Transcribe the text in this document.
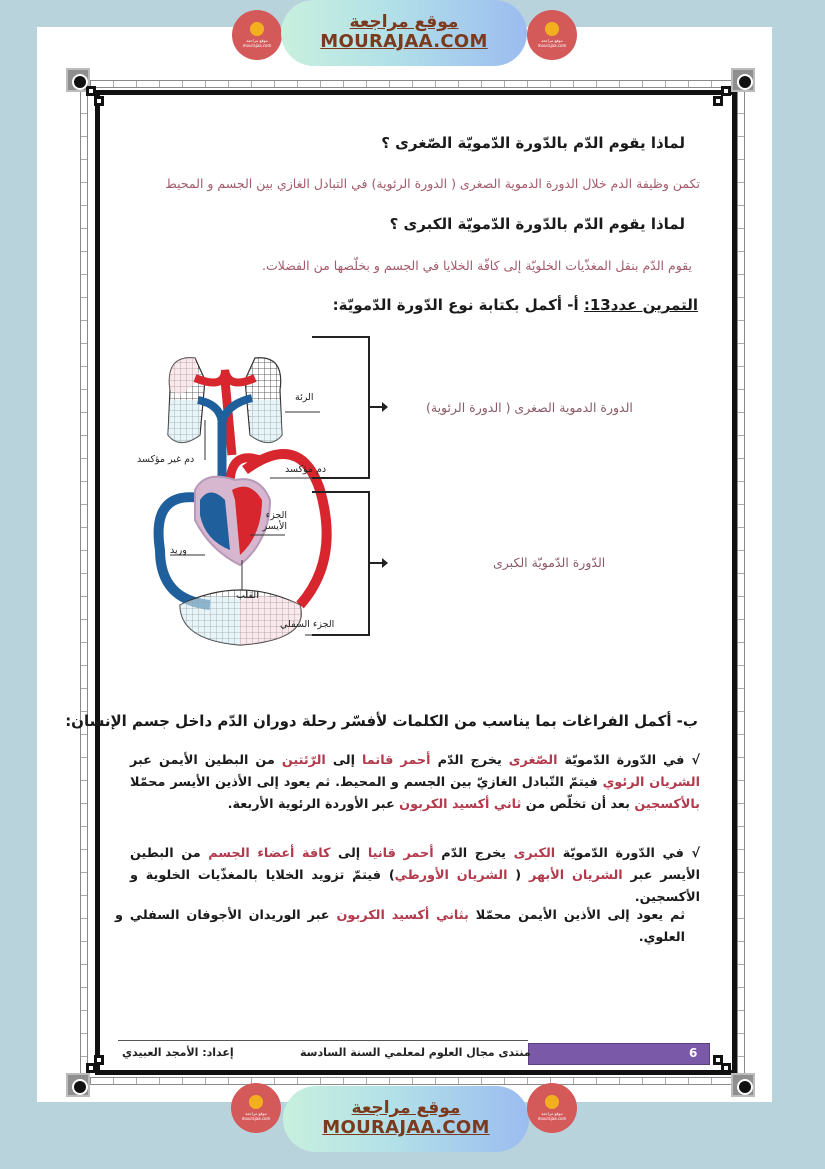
موقع مراجعة
mourajaa.com
موقع مراجعة
MOURAJAA.COM	موقع مراجعة
mourajaa.com
لماذا يقوم الدّم بالدّورة الدّمويّة الصّغرى ؟
تكمن وظيفة الدم خلال الدورة الدموية الصغرى ( الدورة الرئوية) في التبادل الغازي بين الجسم و المحيط
لماذا يقوم الدّم بالدّورة الدّمويّة الكبرى ؟
يقوم الدّم بنقل المغذّيات الخلويّة إلى كافّة الخلايا في الجسم و بخلّصها من الفضلات.
التمرين عدد13: أ- أكمل بكتابة نوع الدّورة الدّمويّة:
الرئة
دم غير مؤكسد
دم مؤكسد
الجزء الأيسر
وريد
القلب
الجزء السفلي
الدورة الدموية الصغرى ( الدورة الرئوية)
الدّورة الدّمويّة الكبرى
ب- أكمل الفراغات بما يناسب من الكلمات لأفسّر رحلة دوران الدّم داخل جسم الإنسان:
√ في الدّورة الدّمويّة الصّغرى يخرج الدّم أحمر قاتما إلى الرّئتين من البطين الأيمن عبر الشريان الرئوي فيتمّ التّبادل الغازيّ بين الجسم و المحيط. ثم يعود إلى الأذين الأيسر محمّلا بالأكسجين بعد أن تخلّص من ثاني أكسيد الكربون عبر الأوردة الرئوية الأربعة.
√ في الدّورة الدّمويّة الكبرى يخرج الدّم أحمر قانيا إلى كافة أعضاء الجسم من البطين الأيسر عبر الشريان الأبهر ( الشريان الأورطي) فيتمّ تزويد الخلايا بالمغذّيات الخلوية و الأكسجين.
ثم يعود إلى الأذين الأيمن محمّلا بثاني أكسيد الكربون عبر الوريدان الأجوفان السفلي و العلوي.
6
منتدى مجال العلوم لمعلمي السنة السادسة
إعداد: الأمجد العبيدي
موقع مراجعة
mourajaa.com
موقع مراجعة
MOURAJAA.COM
موقع مراجعة
mourajaa.com
